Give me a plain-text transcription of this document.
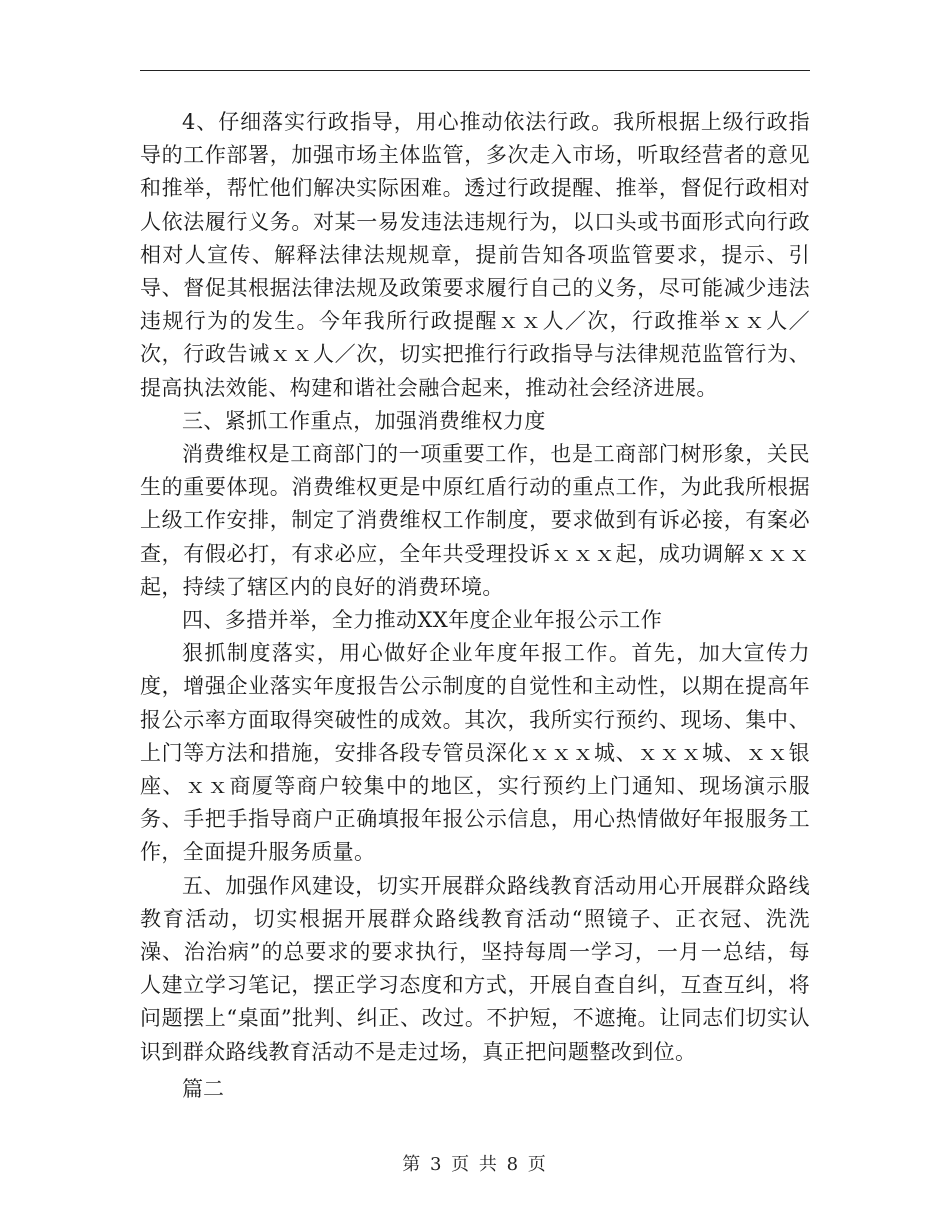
4、仔细落实行政指导，用心推动依法行政。我所根据上级行政指导的工作部署，加强市场主体监管，多次走入市场，听取经营者的意见和推举，帮忙他们解决实际困难。透过行政提醒、推举，督促行政相对人依法履行义务。对某一易发违法违规行为，以口头或书面形式向行政相对人宣传、解释法律法规规章，提前告知各项监管要求，提示、引导、督促其根据法律法规及政策要求履行自己的义务，尽可能减少违法违规行为的发生。今年我所行政提醒ｘｘ人／次，行政推举ｘｘ人／次，行政告诫ｘｘ人／次，切实把推行行政指导与法律规范监管行为、提高执法效能、构建和谐社会融合起来，推动社会经济进展。

三、紧抓工作重点，加强消费维权力度

消费维权是工商部门的一项重要工作，也是工商部门树形象，关民生的重要体现。消费维权更是中原红盾行动的重点工作，为此我所根据上级工作安排，制定了消费维权工作制度，要求做到有诉必接，有案必查，有假必打，有求必应，全年共受理投诉ｘｘｘ起，成功调解ｘｘｘ起，持续了辖区内的良好的消费环境。

四、多措并举，全力推动XX年度企业年报公示工作

狠抓制度落实，用心做好企业年度年报工作。首先，加大宣传力度，增强企业落实年度报告公示制度的自觉性和主动性，以期在提高年报公示率方面取得突破性的成效。其次，我所实行预约、现场、集中、上门等方法和措施，安排各段专管员深化ｘｘｘ城、ｘｘｘ城、ｘｘ银座、ｘｘ商厦等商户较集中的地区，实行预约上门通知、现场演示服务、手把手指导商户正确填报年报公示信息，用心热情做好年报服务工作，全面提升服务质量。

五、加强作风建设，切实开展群众路线教育活动用心开展群众路线教育活动，切实根据开展群众路线教育活动“照镜子、正衣冠、洗洗澡、治治病”的总要求的要求执行，坚持每周一学习，一月一总结，每人建立学习笔记，摆正学习态度和方式，开展自查自纠，互查互纠，将问题摆上“桌面”批判、纠正、改过。不护短，不遮掩。让同志们切实认识到群众路线教育活动不是走过场，真正把问题整改到位。

篇二

第 3 页 共 8 页
